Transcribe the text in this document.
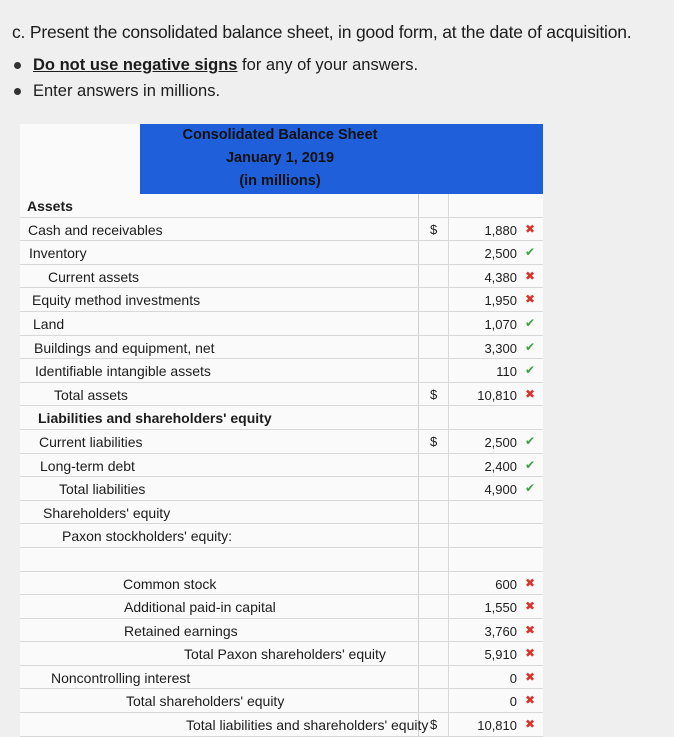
c. Present the consolidated balance sheet, in good form, at the date of acquisition.
Do not use negative signs for any of your answers.
Enter answers in millions.
Consolidated Balance Sheet
January 1, 2019
(in millions)
Assets
Cash and receivables	$	1,880 ✖
Inventory	2,500 ✔
Current assets	4,380 ✖
Equity method investments	1,950 ✖
Land	1,070 ✔
Buildings and equipment, net	3,300 ✔
Identifiable intangible assets	110 ✔
Total assets	$	10,810 ✖
Liabilities and shareholders' equity
Current liabilities	$	2,500 ✔
Long-term debt	2,400 ✔
Total liabilities	4,900 ✔
Shareholders' equity
Paxon stockholders' equity:
Common stock	600 ✖
Additional paid-in capital	1,550 ✖
Retained earnings	3,760 ✖
Total Paxon shareholders' equity	5,910 ✖
Noncontrolling interest	0 ✖
Total shareholders' equity	0 ✖
Total liabilities and shareholders' equity $	10,810 ✖
